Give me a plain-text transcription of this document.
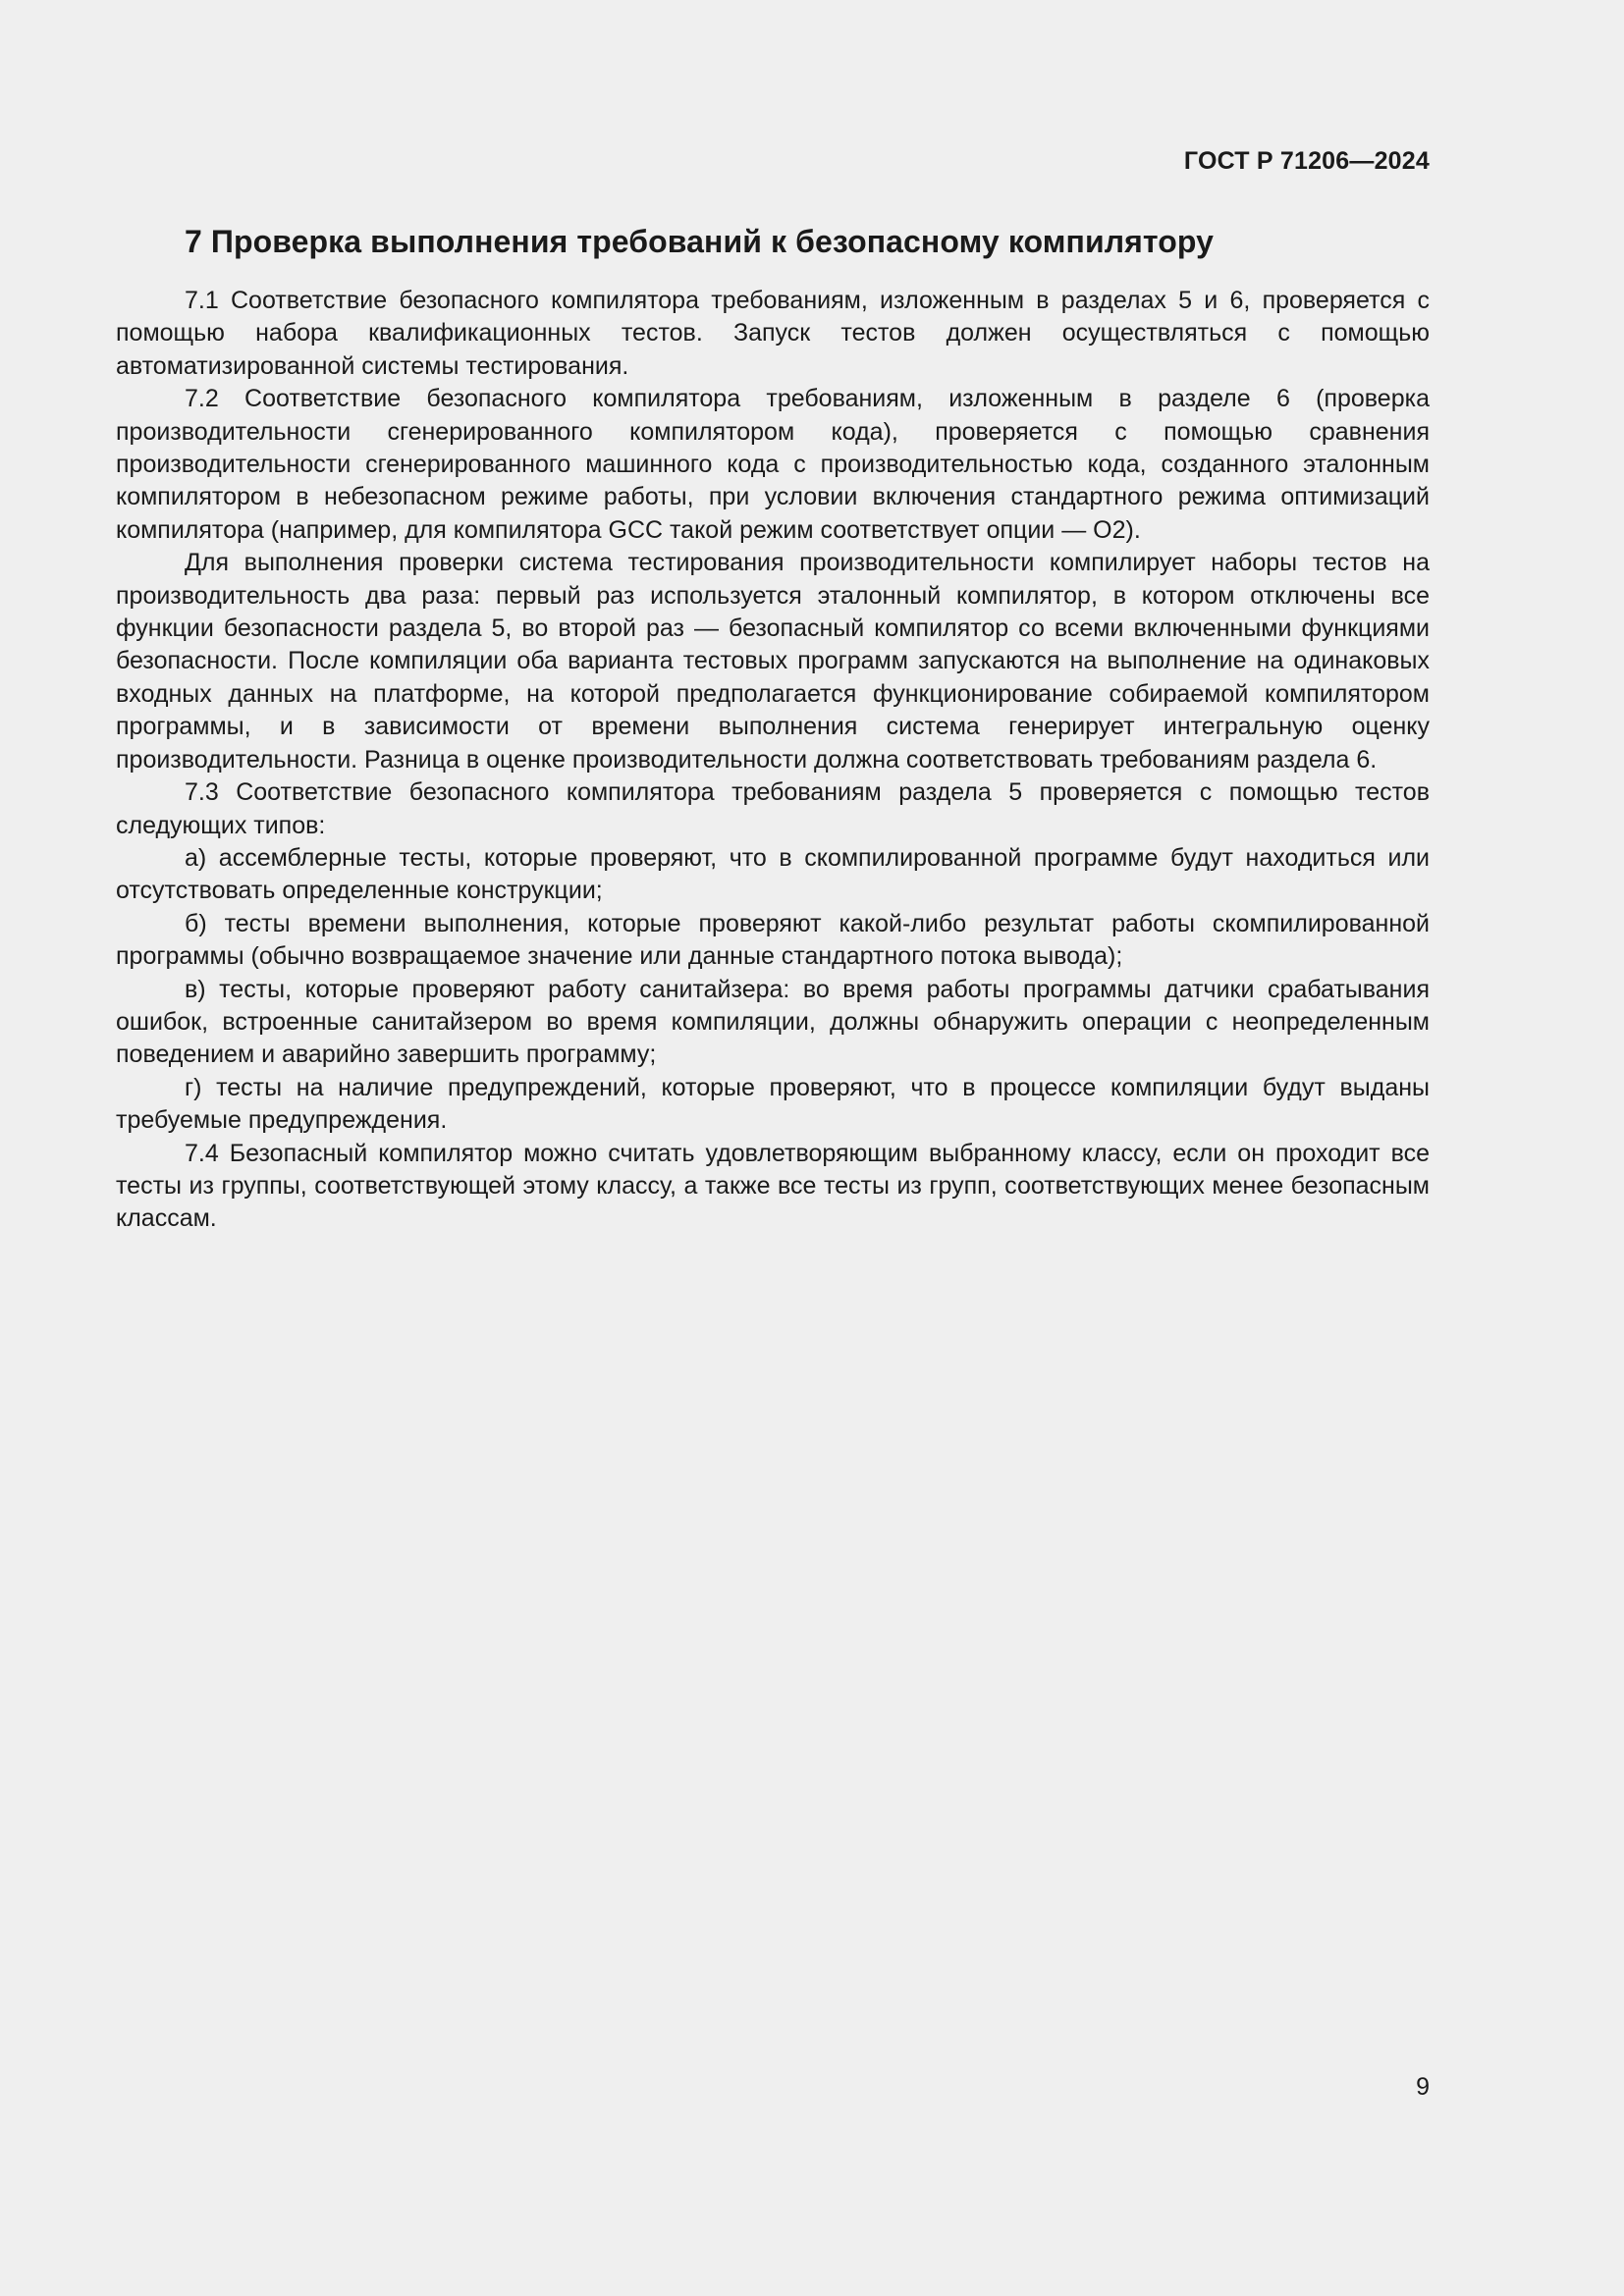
ГОСТ Р 71206—2024
7 Проверка выполнения требований к безопасному компилятору

7.1 Соответствие безопасного компилятора требованиям, изложенным в разделах 5 и 6, проверяется с помощью набора квалификационных тестов. Запуск тестов должен осуществляться с помощью автоматизированной системы тестирования.

7.2 Соответствие безопасного компилятора требованиям, изложенным в разделе 6 (проверка производительности сгенерированного компилятором кода), проверяется с помощью сравнения производительности сгенерированного машинного кода с производительностью кода, созданного эталонным компилятором в небезопасном режиме работы, при условии включения стандартного режима оптимизаций компилятора (например, для компилятора GCC такой режим соответствует опции — O2).

Для выполнения проверки система тестирования производительности компилирует наборы тестов на производительность два раза: первый раз используется эталонный компилятор, в котором отключены все функции безопасности раздела 5, во второй раз — безопасный компилятор со всеми включенными функциями безопасности. После компиляции оба варианта тестовых программ запускаются на выполнение на одинаковых входных данных на платформе, на которой предполагается функционирование собираемой компилятором программы, и в зависимости от времени выполнения система генерирует интегральную оценку производительности. Разница в оценке производительности должна соответствовать требованиям раздела 6.

7.3 Соответствие безопасного компилятора требованиям раздела 5 проверяется с помощью тестов следующих типов:

а) ассемблерные тесты, которые проверяют, что в скомпилированной программе будут находиться или отсутствовать определенные конструкции;

б) тесты времени выполнения, которые проверяют какой-либо результат работы скомпилированной программы (обычно возвращаемое значение или данные стандартного потока вывода);

в) тесты, которые проверяют работу санитайзера: во время работы программы датчики срабатывания ошибок, встроенные санитайзером во время компиляции, должны обнаружить операции с неопределенным поведением и аварийно завершить программу;

г) тесты на наличие предупреждений, которые проверяют, что в процессе компиляции будут выданы требуемые предупреждения.

7.4 Безопасный компилятор можно считать удовлетворяющим выбранному классу, если он проходит все тесты из группы, соответствующей этому классу, а также все тесты из групп, соответствующих менее безопасным классам.

9
